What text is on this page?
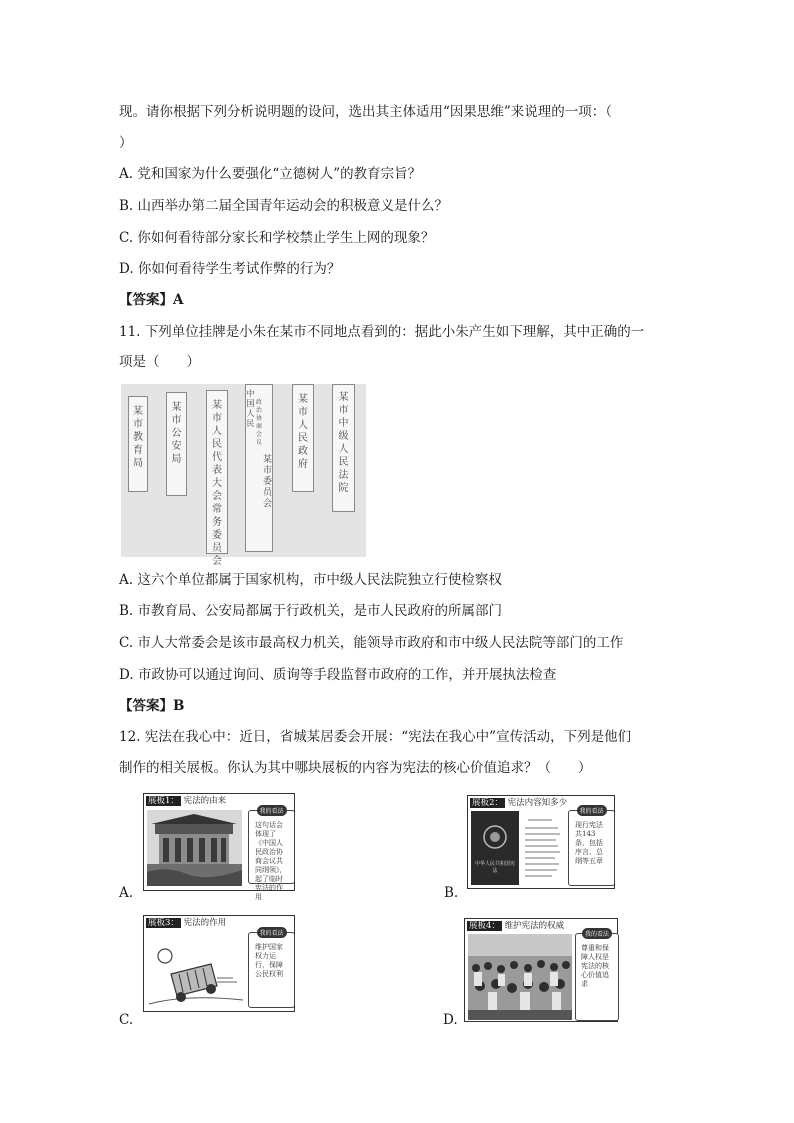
现。请你根据下列分析说明题的设问，选出其主体适用“因果思维”来说理的一项：（
）
A. 党和国家为什么要强化“立德树人”的教育宗旨？
B. 山西举办第二届全国青年运动会的积极意义是什么？
C. 你如何看待部分家长和学校禁止学生上网的现象？
D. 你如何看待学生考试作弊的行为？
【答案】A
11. 下列单位挂牌是小朱在某市不同地点看到的：据此小朱产生如下理解，其中正确的一
项是（　　）
某市教育局
某市公安局
某市人民代表大会常务委员会
中国人民政治协商会议某市委员会
某市人民政府
某市中级人民法院
A. 这六个单位都属于国家机构，市中级人民法院独立行使检察权
B. 市教育局、公安局都属于行政机关，是市人民政府的所属部门
C. 市人大常委会是该市最高权力机关，能领导市政府和市中级人民法院等部门的工作
D. 市政协可以通过询问、质询等手段监督市政府的工作，并开展执法检查
【答案】B
12. 宪法在我心中：近日，省城某居委会开展：“宪法在我心中”宣传活动，下列是他们
制作的相关展板。你认为其中哪块展板的内容为宪法的核心价值追求？（　　）
展板1： 宪法的由来
我的看法
这句话会体现了《中国人民政治协商会议共同纲领》，起了临时宪法的作用
A.
展板2： 宪法内容知多少
中华人民共和国宪法
我的看法
现行宪法共143条，包括序言、总纲等五章
B.
展板3： 宪法的作用
我的看法
维护国家权力运行，保障公民权利
C.
展板4： 维护宪法的权威
我的看法
尊重和保障人权是宪法的核心价值追求
D.
